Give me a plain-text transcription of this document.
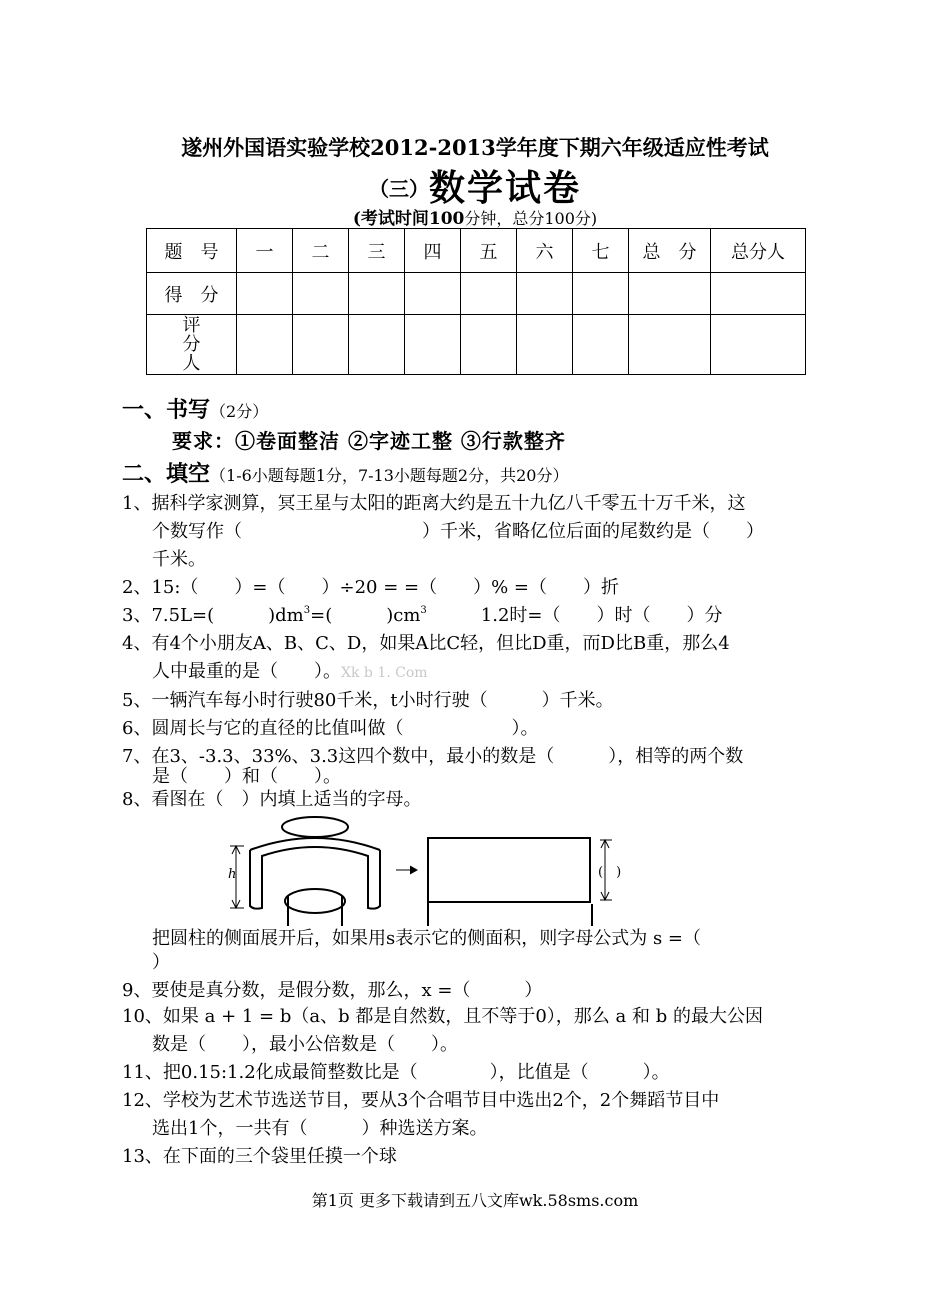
遂州外国语实验学校2012-2013学年度下期六年级适应性考试
（三）数学试卷
(考试时间100分钟，总分100分)
题　号	一	二	三	四	五	六	七	总　分	总分人
得　分									

评
分
人									

一、书写（2分）
要求：①卷面整洁 ②字迹工整 ③行款整齐
二、填空（1-6小题每题1分，7-13小题每题2分，共20分）
1、据科学家测算，冥王星与太阳的距离大约是五十九亿八千零五十万千米，这
个数写作（　　　　　　　　　　）千米，省略亿位后面的尾数约是（　　）
千米。
2、15:（　　）=（　　）÷20 = =（　　）% =（　　）折
3、7.5L=(　　　)$dm^3=$(　　　)$cm^3$　　　1.2时=（　　）时（　　）分
4、有4个小朋友A、B、C、D，如果A比C轻，但比D重，而D比B重，那么4
人中最重的是（　　）。Xk b 1. Com
5、一辆汽车每小时行驶80千米，t小时行驶（　　　）千米。
6、圆周长与它的直径的比值叫做（　　　　　　）。
7、在3、-3.3、33%、3.3这四个数中，最小的数是（　　　），相等的两个数
是（　　）和（　　）。
8、看图在（　）内填上适当的字母。
h	(　)
把圆柱的侧面展开后，如果用s表示它的侧面积，则字母公式为 s =（
）
9、要使是真分数，是假分数，那么，x =（　　　）
10、如果 a + 1 = b（a、b 都是自然数，且不等于0），那么 a 和 b 的最大公因
数是（　　），最小公倍数是（　　）。
11、把0.15:1.2化成最简整数比是（　　　　），比值是（　　　）。
12、学校为艺术节选送节目，要从3个合唱节目中选出2个，2个舞蹈节目中
选出1个，一共有（　　　）种选送方案。
13、在下面的三个袋里任摸一个球
第1页 更多下载请到五八文库wk.58sms.com
